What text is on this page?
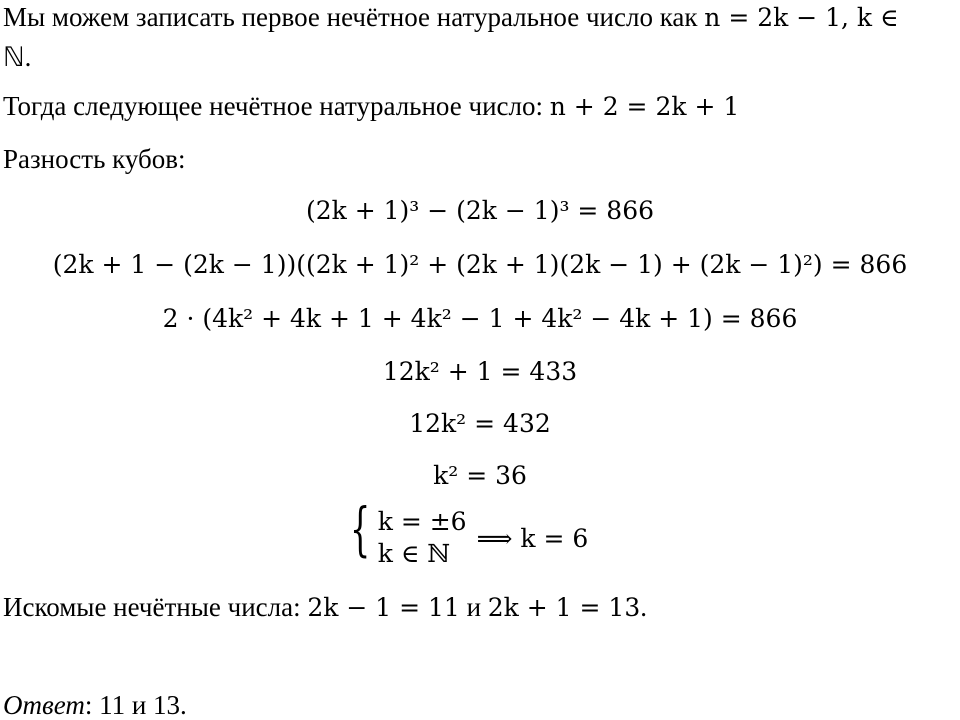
Мы можем записать первое нечётное натуральное число как n = 2k − 1, k ∈
ℕ.
Тогда следующее нечётное натуральное число: n + 2 = 2k + 1
Разность кубов:
(2k + 1)³ − (2k − 1)³ = 866
(2k + 1 − (2k − 1))((2k + 1)² + (2k + 1)(2k − 1) + (2k − 1)²) = 866
2 · (4k² + 4k + 1 + 4k² − 1 + 4k² − 4k + 1) = 866
12k² + 1 = 433
12k² = 432
k² = 36
{ k = ±6
k ∈ ℕ
⟹ k = 6
Искомые нечётные числа: 2k − 1 = 11 и 2k + 1 = 13.
Ответ: 11 и 13.
